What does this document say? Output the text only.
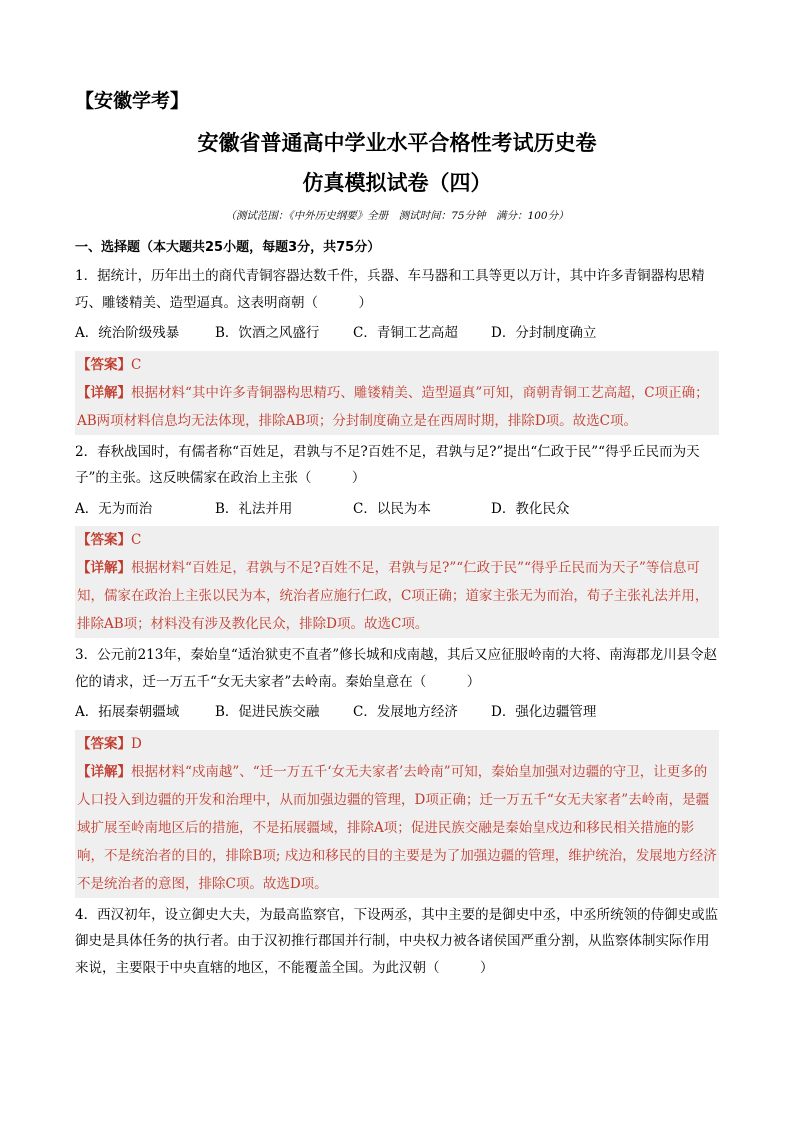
【安徽学考】
安徽省普通高中学业水平合格性考试历史卷
仿真模拟试卷（四）
（测试范围：《中外历史纲要》全册　测试时间：75分钟　满分：100分）
一、选择题（本大题共25小题，每题3分，共75分）

1．据统计，历年出土的商代青铜容器达数千件，兵器、车马器和工具等更以万计，其中许多青铜器构思精巧、雕镂精美、造型逼真。这表明商朝（　　　）

A．统治阶级残暴	B．饮酒之风盛行 C．青铜工艺高超 D．分封制度确立
【答案】C
【详解】根据材料“其中许多青铜器构思精巧、雕镂精美、造型逼真”可知，商朝青铜工艺高超，C项正确；AB两项材料信息均无法体现，排除AB项；分封制度确立是在西周时期，排除D项。故选C项。

2．春秋战国时，有儒者称“百姓足，君孰与不足?百姓不足，君孰与足?”提出“仁政于民”“得乎丘民而为天子”的主张。这反映儒家在政治上主张（　　　）

A．无为而治	B．礼法并用	C．以民为本	D．教化民众
【答案】C
【详解】根据材料“百姓足，君孰与不足?百姓不足，君孰与足?”“仁政于民”“得乎丘民而为天子”等信息可知，儒家在政治上主张以民为本，统治者应施行仁政，C项正确；道家主张无为而治，荀子主张礼法并用，排除AB项；材料没有涉及教化民众，排除D项。故选C项。

3．公元前213年，秦始皇“适治狱吏不直者”修长城和戍南越，其后又应征服岭南的大将、南海郡龙川县令赵佗的请求，迁一万五千“女无夫家者”去岭南。秦始皇意在（　　　）

A．拓展秦朝疆域	B．促进民族交融 C．发展地方经济 D．强化边疆管理
【答案】D
【详解】根据材料“戍南越”、“迁一万五千‘女无夫家者’去岭南”可知，秦始皇加强对边疆的守卫，让更多的人口投入到边疆的开发和治理中，从而加强边疆的管理，D项正确；迁一万五千“女无夫家者”去岭南，是疆域扩展至岭南地区后的措施，不是拓展疆域，排除A项；促进民族交融是秦始皇戍边和移民相关措施的影响，不是统治者的目的，排除B项; 戍边和移民的目的主要是为了加强边疆的管理，维护统治，发展地方经济不是统治者的意图，排除C项。故选D项。

4．西汉初年，设立御史大夫，为最高监察官，下设两丞，其中主要的是御史中丞，中丞所统领的侍御史或监御史是具体任务的执行者。由于汉初推行郡国并行制，中央权力被各诸侯国严重分割，从监察体制实际作用来说，主要限于中央直辖的地区，不能覆盖全国。为此汉朝（　　　）
